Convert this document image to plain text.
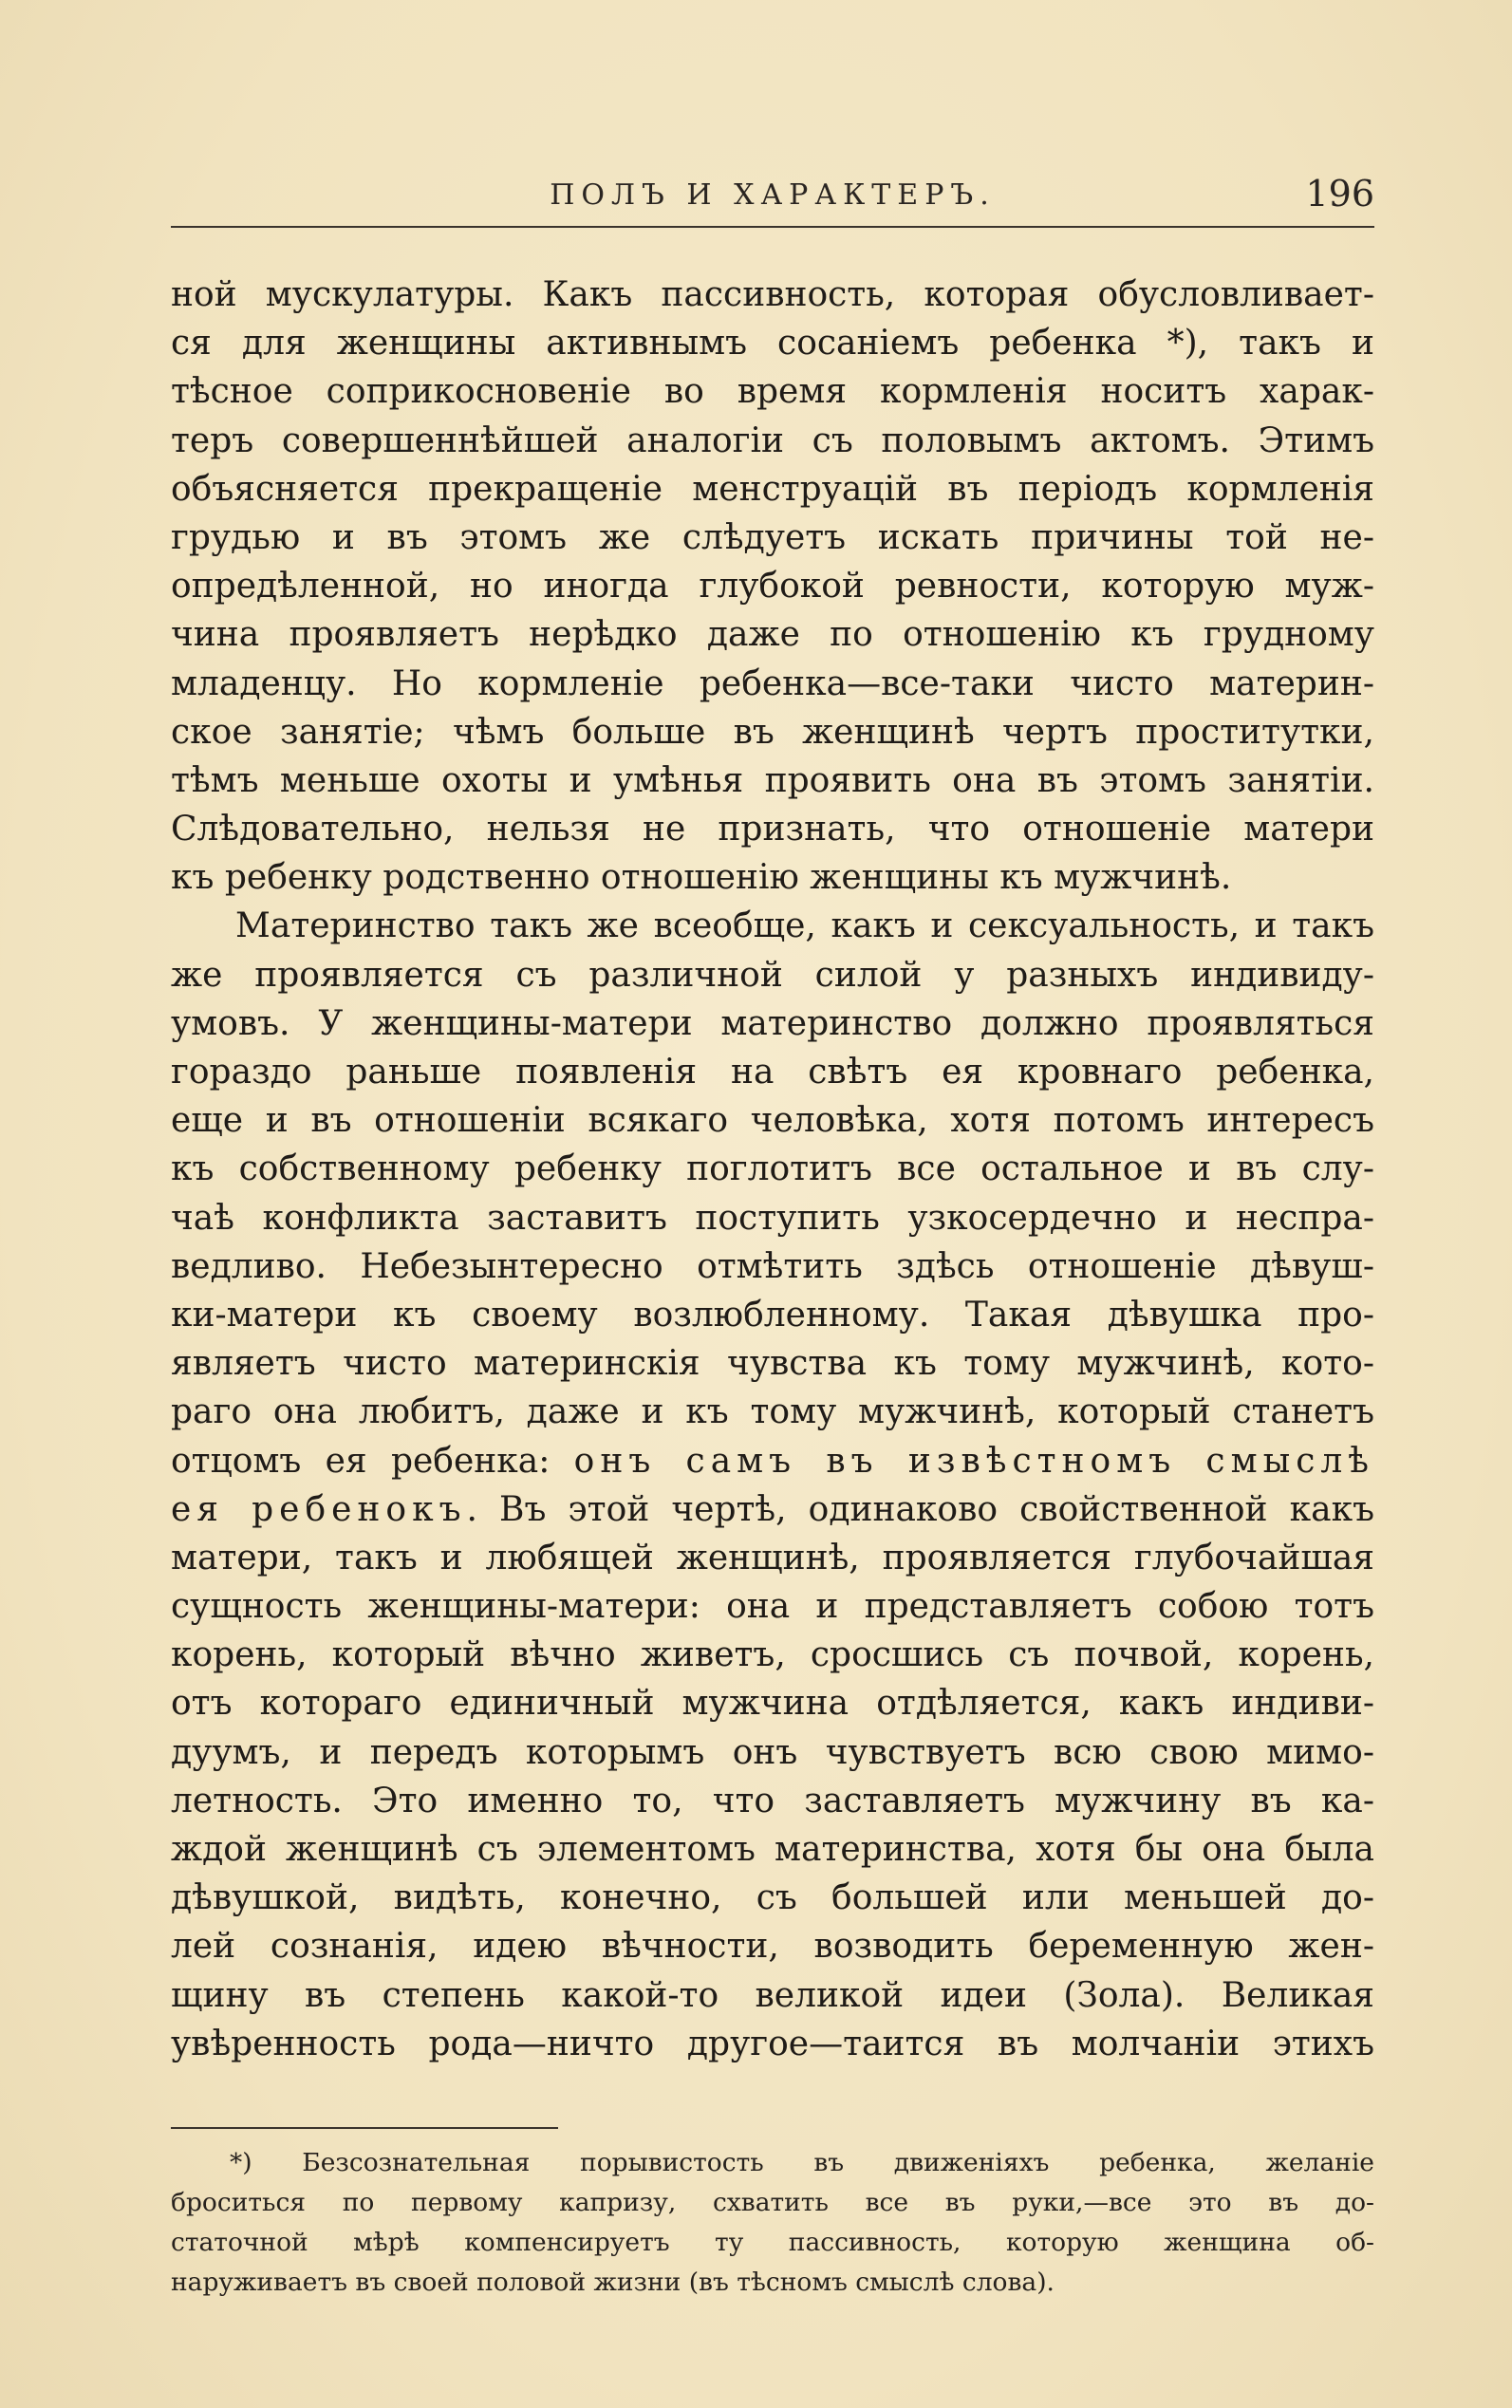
ПОЛЪ И ХАРАКТЕРЪ.	196
ной мускулатуры. Какъ пассивность, которая обусловливает-
ся для женщины активнымъ сосаніемъ ребенка *), такъ и
тѣсное соприкосновеніе во время кормленія носитъ харак-
теръ совершеннѣйшей аналогіи съ половымъ актомъ. Этимъ
объясняется прекращеніе менструацій въ періодъ кормленія
грудью и въ этомъ же слѣдуетъ искать причины той не-
опредѣленной, но иногда глубокой ревности, которую муж-
чина проявляетъ нерѣдко даже по отношенію къ грудному
младенцу. Но кормленіе ребенка—все-таки чисто материн-
ское занятіе; чѣмъ больше въ женщинѣ чертъ проститутки,
тѣмъ меньше охоты и умѣнья проявить она въ этомъ занятіи.
Слѣдовательно, нельзя не признать, что отношеніе матери
къ ребенку родственно отношенію женщины къ мужчинѣ.
Материнство такъ же всеобще, какъ и сексуальность, и такъ
же проявляется съ различной силой у разныхъ индивиду-
умовъ. У женщины-матери материнство должно проявляться
гораздо раньше появленія на свѣтъ ея кровнаго ребенка,
еще и въ отношеніи всякаго человѣка, хотя потомъ интересъ
къ собственному ребенку поглотитъ все остальное и въ слу-
чаѣ конфликта заставитъ поступить узкосердечно и неспра-
ведливо. Небезынтересно отмѣтить здѣсь отношеніе дѣвуш-
ки-матери къ своему возлюбленному. Такая дѣвушка про-
являетъ чисто материнскія чувства къ тому мужчинѣ, кото-
раго она любитъ, даже и къ тому мужчинѣ, который станетъ
отцомъ ея ребенка: онъ самъ въ извѣстномъ смыслѣ
ея ребенокъ. Въ этой чертѣ, одинаково свойственной какъ
матери, такъ и любящей женщинѣ, проявляется глубочайшая
сущность женщины-матери: она и представляетъ собою тотъ
корень, который вѣчно живетъ, сросшись съ почвой, корень,
отъ котораго единичный мужчина отдѣляется, какъ индиви-
дуумъ, и передъ которымъ онъ чувствуетъ всю свою мимо-
летность. Это именно то, что заставляетъ мужчину въ ка-
ждой женщинѣ съ элементомъ материнства, хотя бы она была
дѣвушкой, видѣть, конечно, съ большей или меньшей до-
лей сознанія, идею вѣчности, возводить беременную жен-
щину въ степень какой-то великой идеи (Зола). Великая
увѣренность рода—ничто другое—таится въ молчаніи этихъ
*) Безсознательная порывистость въ движеніяхъ ребенка, желаніе
броситься по первому капризу, схватить все въ руки,—все это въ до-
статочной мѣрѣ компенсируетъ ту пассивность, которую женщина об-
наруживаетъ въ своей половой жизни (въ тѣсномъ смыслѣ слова).
